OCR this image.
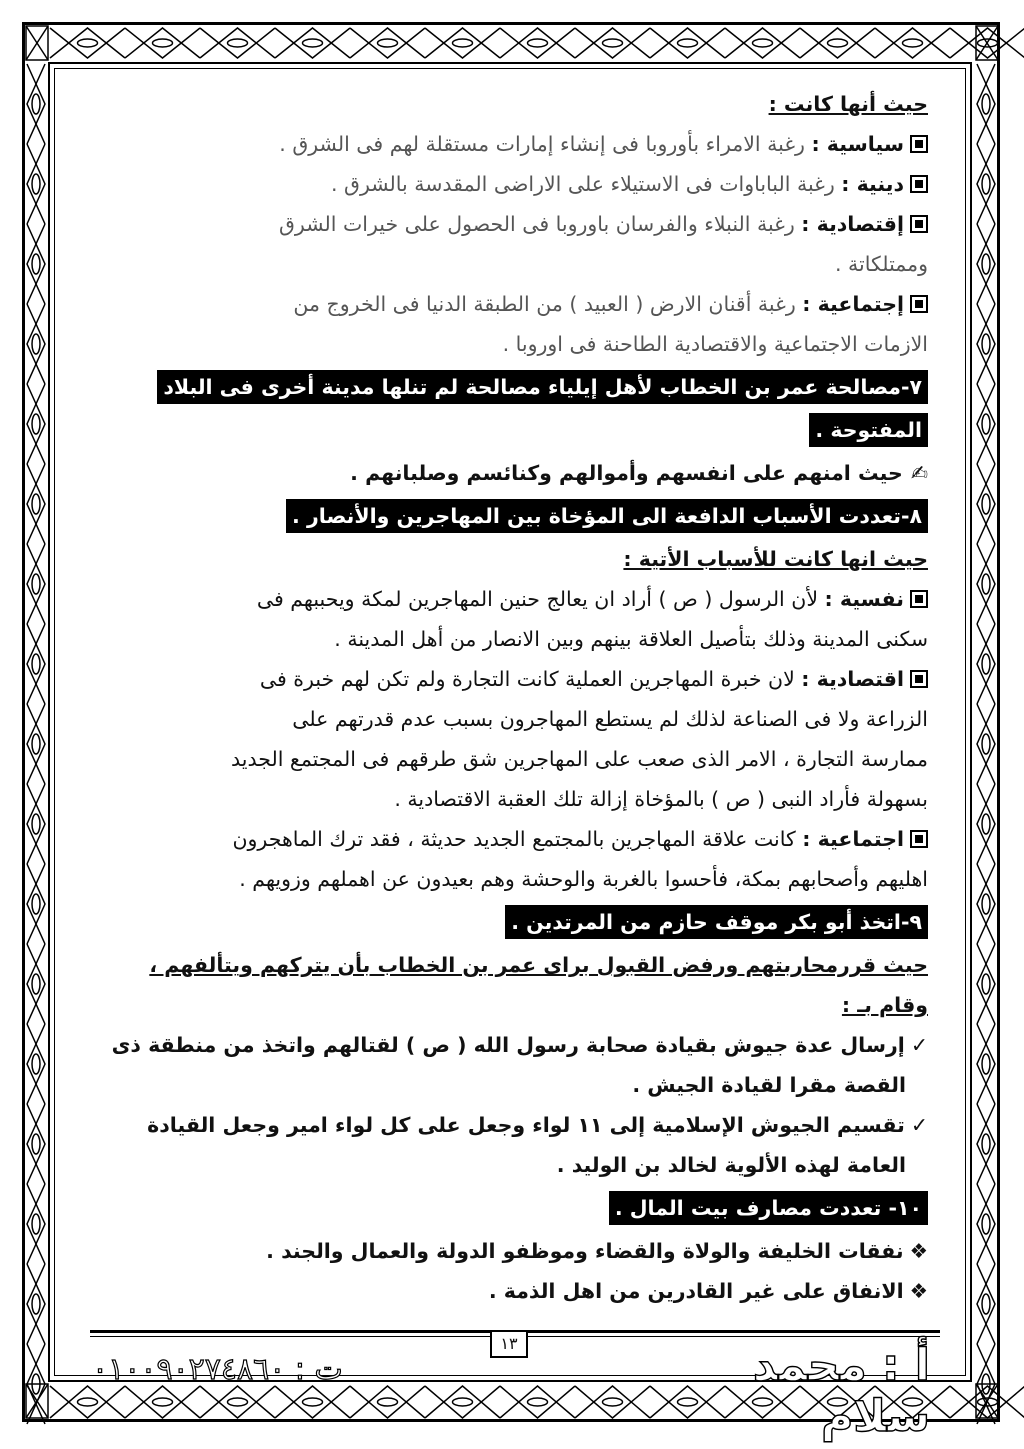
حيث أنها كانت :
سياسية : رغبة الامراء بأوروبا فى إنشاء إمارات مستقلة لهم فى الشرق .
دينية : رغبة الباباوات فى الاستيلاء على الاراضى المقدسة بالشرق .
إقتصادية : رغبة النبلاء والفرسان باوروبا فى الحصول على خيرات الشرق
وممتلكاتة .
إجتماعية : رغبة أقنان الارض ( العبيد ) من الطبقة الدنيا فى الخروج من
الازمات الاجتماعية والاقتصادية الطاحنة فى اوروبا .
٧-مصالحة عمر بن الخطاب لأهل إيلياء مصالحة لم تنلها مدينة أخرى فى البلاد
المفتوحة .
✍حيث امنهم على انفسهم وأموالهم وكنائسم وصلبانهم .
٨-تعددت الأسباب الدافعة الى المؤخاة بين المهاجرين والأنصار .
حيث انها كانت للأسباب الأتية :
نفسية : لأن الرسول ( ص ) أراد ان يعالج حنين المهاجرين لمكة ويحببهم فى
سكنى المدينة وذلك بتأصيل العلاقة بينهم وبين الانصار من أهل المدينة .
اقتصادية : لان خبرة المهاجرين العملية كانت التجارة ولم تكن لهم خبرة فى
الزراعة ولا فى الصناعة لذلك لم يستطع المهاجرون بسبب عدم قدرتهم على
ممارسة التجارة ، الامر الذى صعب على المهاجرين شق طرقهم فى المجتمع الجديد
بسهولة فأراد النبى ( ص ) بالمؤخاة إزالة تلك العقبة الاقتصادية .
اجتماعية : كانت علاقة المهاجرين بالمجتمع الجديد حديثة ، فقد ترك الماهجرون
اهليهم وأصحابهم بمكة، فأحسوا بالغربة والوحشة وهم بعيدون عن اهملهم وزويهم .
٩-اتخذ أبو بكر موقف حازم من المرتدين .
حيث قررمحاربتهم ورفض القبول براى عمر بن الخطاب بأن يتركهم ويتألفهم ،
وقام بـ :
✓إرسال عدة جيوش بقيادة صحابة رسول الله ( ص ) لقتالهم واتخذ من منطقة ذى
القصة مقرا لقيادة الجيش .
✓تقسيم الجيوش الإسلامية إلى ١١ لواء وجعل على كل لواء امير وجعل القيادة
العامة لهذه الألوية لخالد بن الوليد .
١٠- تعددت مصارف بيت المال .
❖نفقات الخليفة والولاة والقضاء وموظفو الدولة والعمال والجند .
❖الانفاق على غير القادرين من اهل الذمة .
١٣
ت : ٠١٠٠٩٠٢٧٤٨٦٠	أ : محمد سلام
